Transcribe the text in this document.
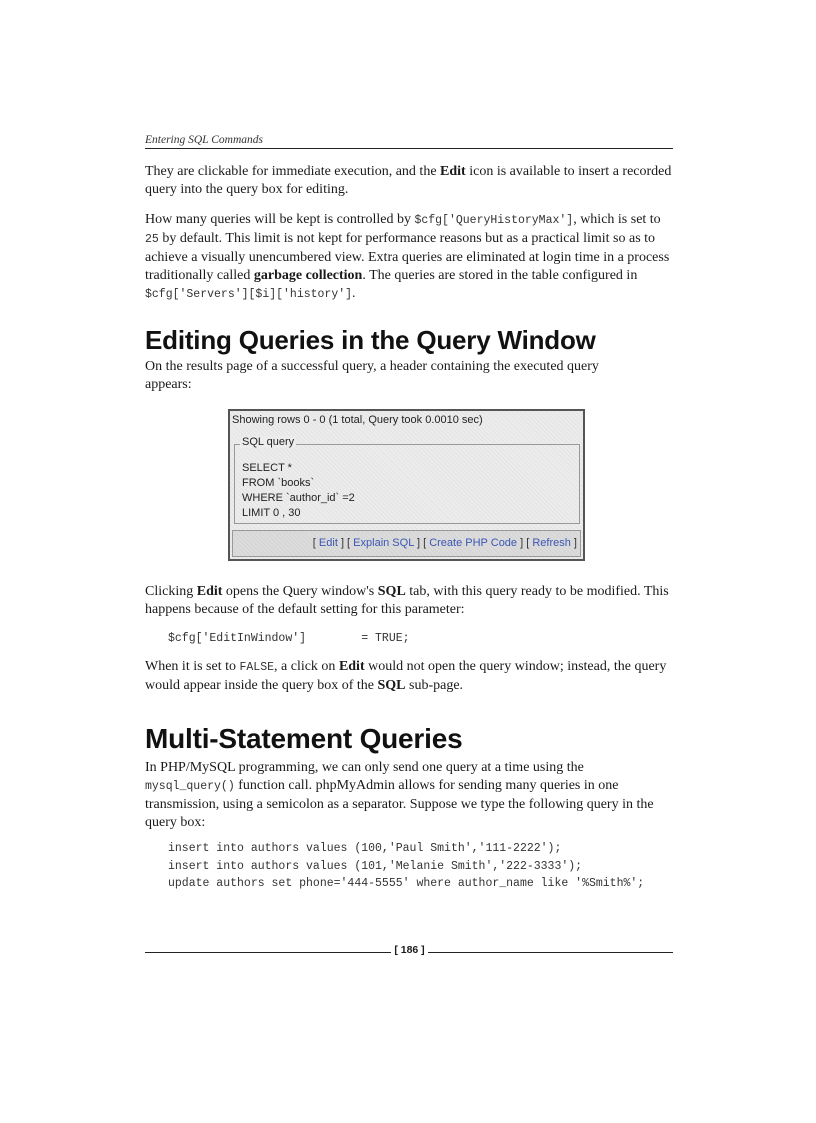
Entering SQL Commands

They are clickable for immediate execution, and the Edit icon is available to insert a recorded query into the query box for editing.

How many queries will be kept is controlled by $cfg['QueryHistoryMax'], which is set to 25 by default. This limit is not kept for performance reasons but as a practical limit so as to achieve a visually unencumbered view. Extra queries are eliminated at login time in a process traditionally called garbage collection. The queries are stored in the table configured in $cfg['Servers'][$i]['history'].

Editing Queries in the Query Window

On the results page of a successful query, a header containing the executed query appears:

Showing rows 0 - 0 (1 total, Query took 0.0010 sec)
SQL query
SELECT *
FROM `books`
WHERE `author_id` =2
LIMIT 0 , 30
[ Edit ] [ Explain SQL ] [ Create PHP Code ] [ Refresh ]

Clicking Edit opens the Query window's SQL tab, with this query ready to be modified. This happens because of the default setting for this parameter:

$cfg['EditInWindow']        = TRUE;

When it is set to FALSE, a click on Edit would not open the query window; instead, the query would appear inside the query box of the SQL sub-page.

Multi-Statement Queries

In PHP/MySQL programming, we can only send one query at a time using the mysql_query() function call. phpMyAdmin allows for sending many queries in one transmission, using a semicolon as a separator. Suppose we type the following query in the query box:

insert into authors values (100,'Paul Smith','111-2222');
insert into authors values (101,'Melanie Smith','222-3333');
update authors set phone='444-5555' where author_name like '%Smith%';
[ 186 ]
